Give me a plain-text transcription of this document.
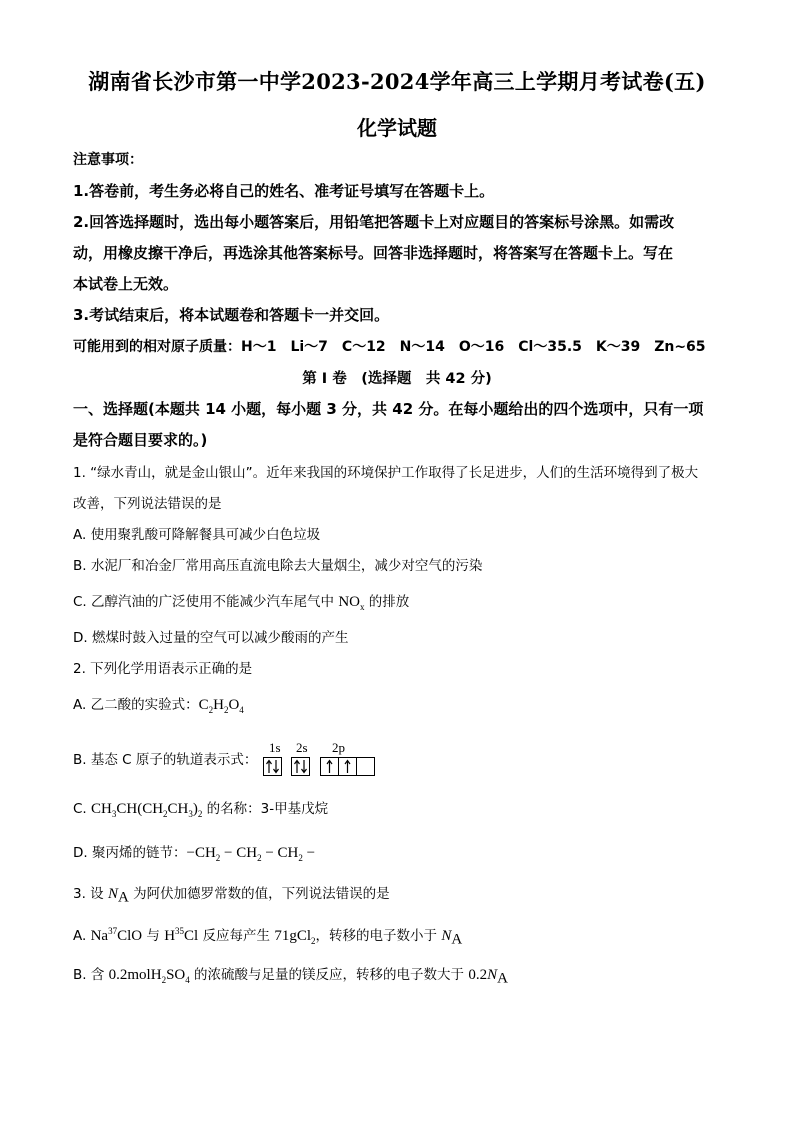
湖南省长沙市第一中学2023-2024学年高三上学期月考试卷(五)
化学试题
注意事项：
1.答卷前，考生务必将自己的姓名、准考证号填写在答题卡上。
2.回答选择题时，选出每小题答案后，用铅笔把答题卡上对应题目的答案标号涂黑。如需改
动，用橡皮擦干净后，再选涂其他答案标号。回答非选择题时，将答案写在答题卡上。写在
本试卷上无效。
3.考试结束后，将本试题卷和答题卡一并交回。
可能用到的相对原子质量：H～1　Li～7　C～12　N～14　O～16　Cl～35.5　K～39　Zn~65
第 I 卷　(选择题　共 42 分)
一、选择题(本题共 14 小题，每小题 3 分，共 42 分。在每小题给出的四个选项中，只有一项
是符合题目要求的。)
1. “绿水青山，就是金山银山”。近年来我国的环境保护工作取得了长足进步，人们的生活环境得到了极大
改善，下列说法错误的是
A. 使用聚乳酸可降解餐具可减少白色垃圾
B. 水泥厂和冶金厂常用高压直流电除去大量烟尘，减少对空气的污染
C. 乙醇汽油的广泛使用不能减少汽车尾气中 $NO_x$ 的排放
D. 燃煤时鼓入过量的空气可以减少酸雨的产生
2. 下列化学用语表示正确的是
A. 乙二酸的实验式：$C_2H_2O_4$
B. 基态 C 原子的轨道表示式：
1s 2s 2p
C. $CH_3CH(CH_2CH_3)_2$ 的名称：3-甲基戊烷
D. 聚丙烯的链节：$-CH_2 - CH_2 - CH_2$ −
3. 设 $N_A$ 为阿伏加德罗常数的值，下列说法错误的是
A. Na$^{37}$ClO 与 $H^{35}Cl$ 反应每产生 71gCl$_2$，转移的电子数小于 $N_A$
B. 含 $0.2molH_2SO_4$ 的浓硫酸与足量的镁反应，转移的电子数大于 $0.2N_A$
